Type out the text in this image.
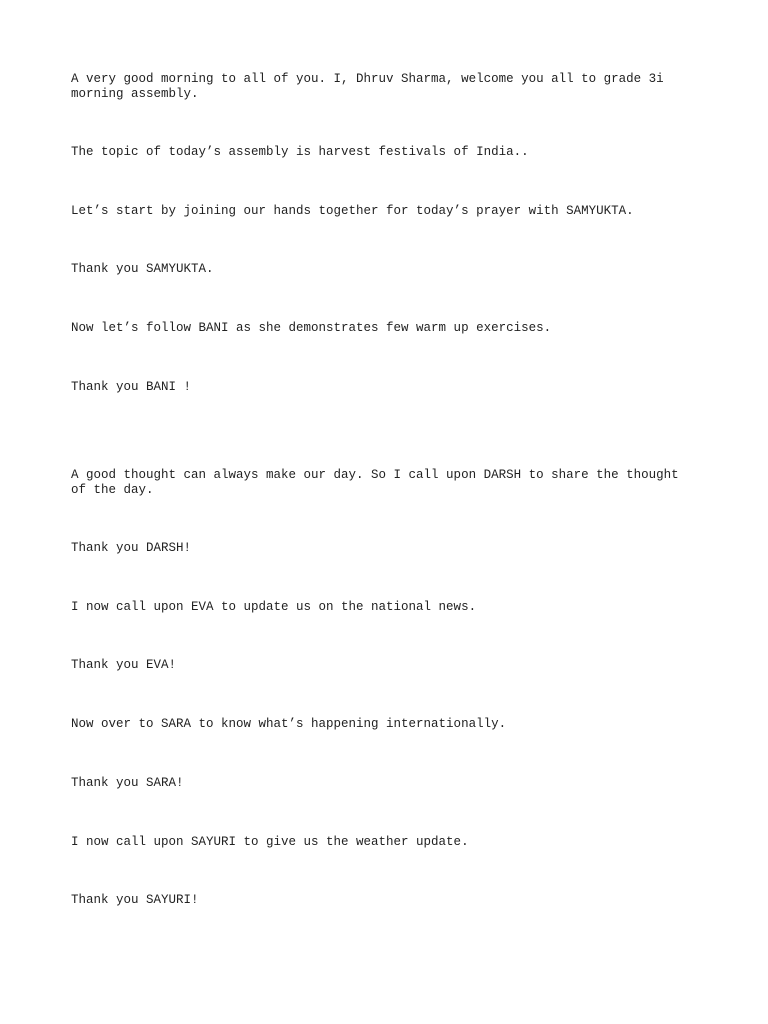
A very good morning to all of you. I, Dhruv Sharma, welcome you all to grade 3i morning assembly.

The topic of today’s assembly is harvest festivals of India..

Let’s start by joining our hands together for today’s prayer with SAMYUKTA.

Thank you SAMYUKTA.

Now let’s follow BANI as she demonstrates few warm up exercises.

Thank you BANI !

A good thought can always make our day. So I call upon DARSH to share the thought of the day.

Thank you DARSH!

I now call upon EVA to update us on the national news.

Thank you EVA!

Now over to SARA to know what’s happening internationally.

Thank you SARA!

I now call upon SAYURI to give us the weather update.

Thank you SAYURI!
